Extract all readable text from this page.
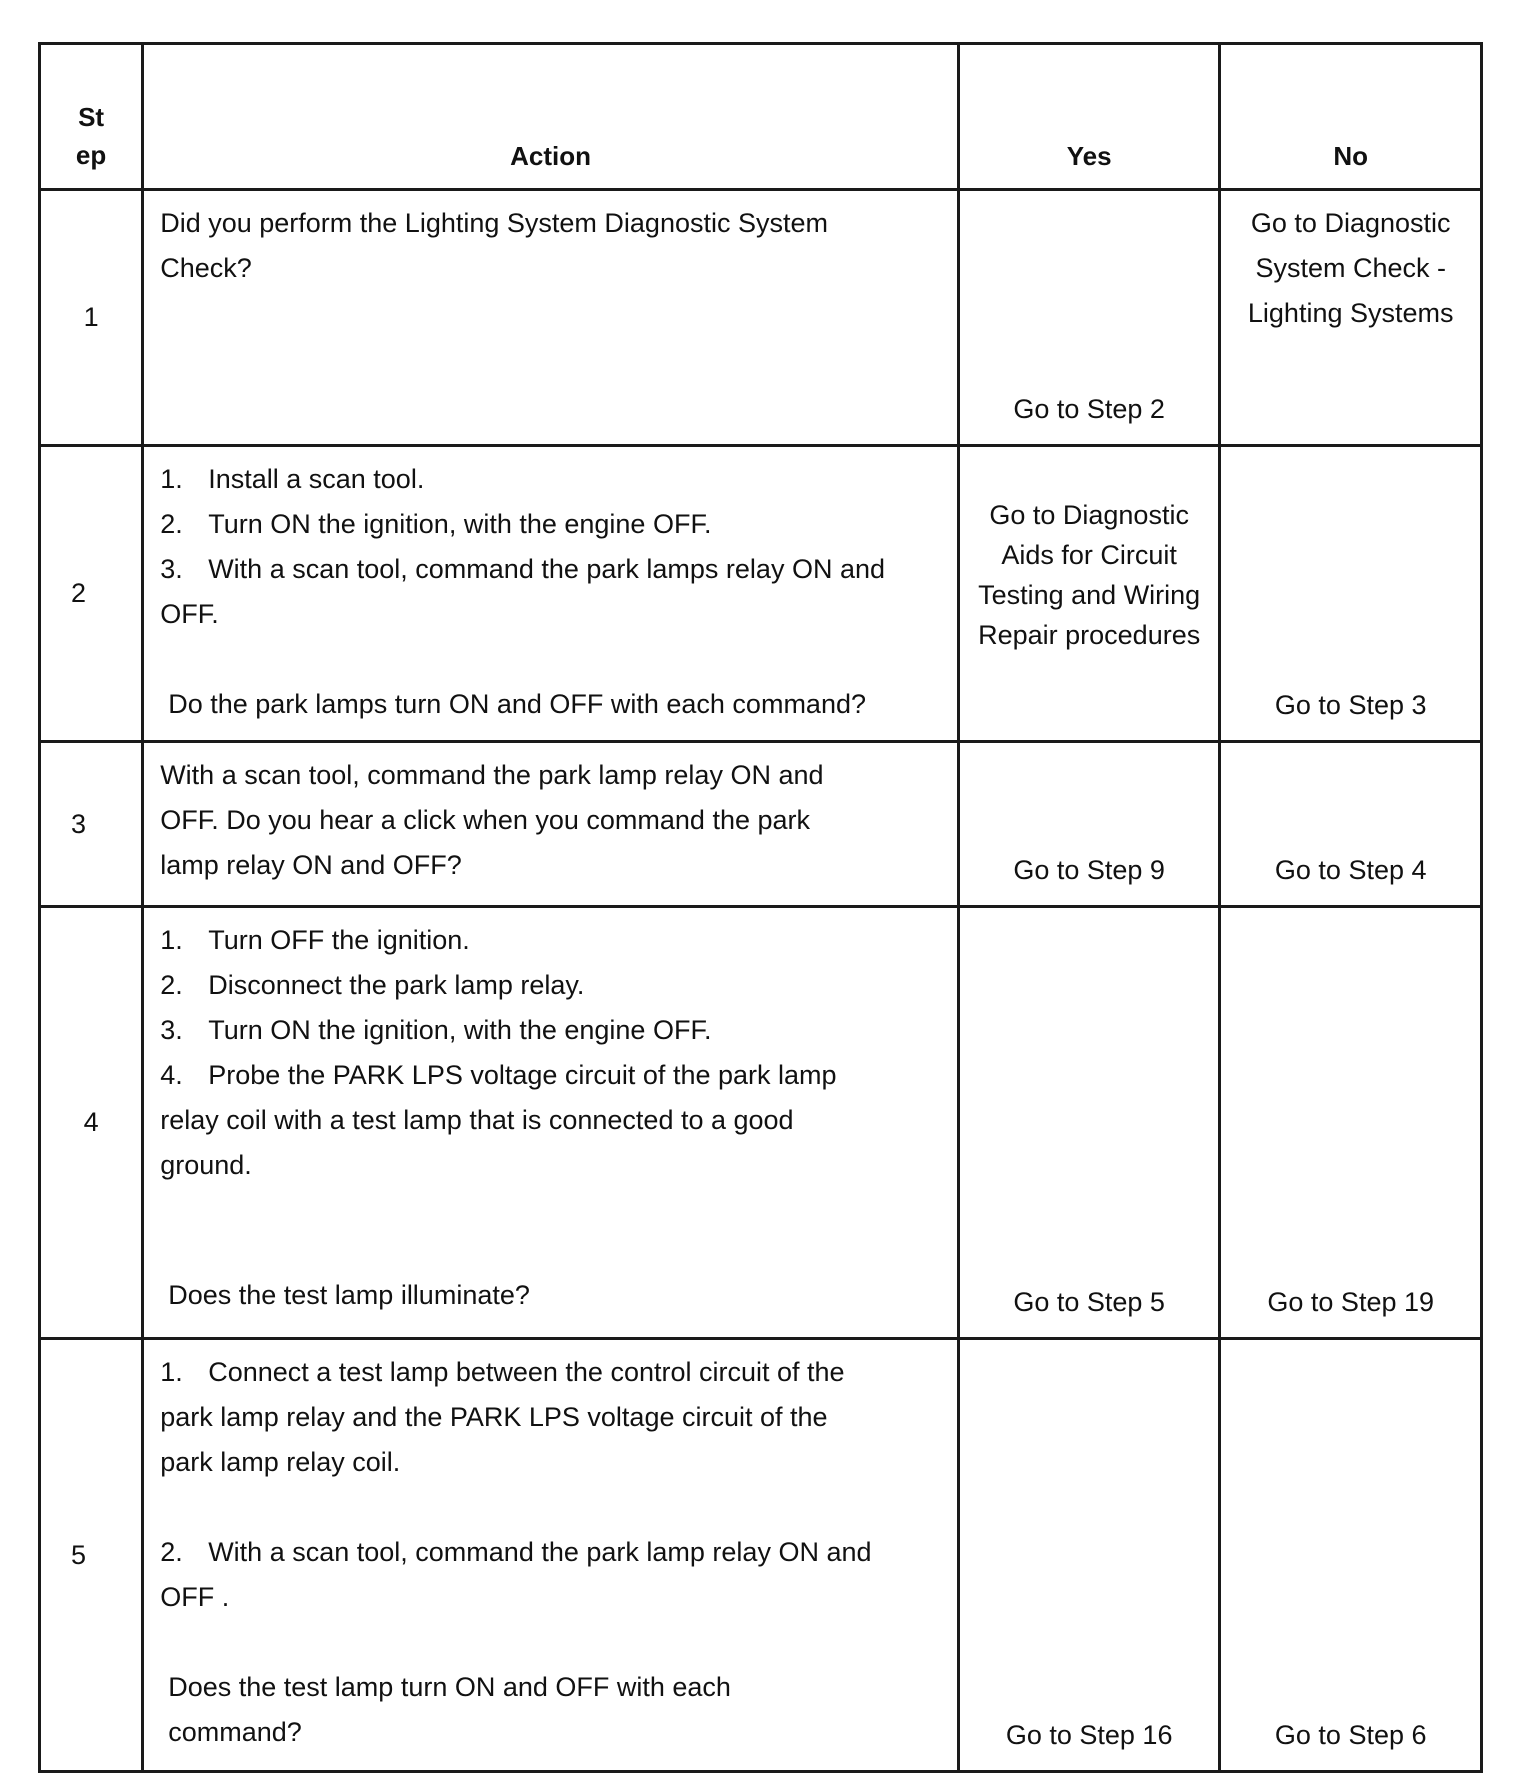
St ep	Action	Yes	No
1	Did you perform the Lighting System Diagnostic System Check?	Go to Step 2	Go to Diagnostic System Check - Lighting Systems

2	1. Install a scan tool.
2. Turn ON the ignition, with the engine OFF.
3. With a scan tool, command the park lamps relay ON and OFF.
Do the park lamps turn ON and OFF with each command?	Go to Diagnostic Aids for Circuit Testing and Wiring Repair procedures	Go to Step 3
3	With a scan tool, command the park lamp relay ON and OFF. Do you hear a click when you command the park lamp relay ON and OFF?	Go to Step 9	Go to Step 4
4	1. Turn OFF the ignition.
2. Disconnect the park lamp relay.
3. Turn ON the ignition, with the engine OFF.
4. Probe the PARK LPS voltage circuit of the park lamp relay coil with a test lamp that is connected to a good ground.
Does the test lamp illuminate?	Go to Step 5	Go to Step 19
5	1. Connect a test lamp between the control circuit of the park lamp relay and the PARK LPS voltage circuit of the park lamp relay coil.
2. With a scan tool, command the park lamp relay ON and OFF .
Does the test lamp turn ON and OFF with each command?	Go to Step 16	Go to Step 6
